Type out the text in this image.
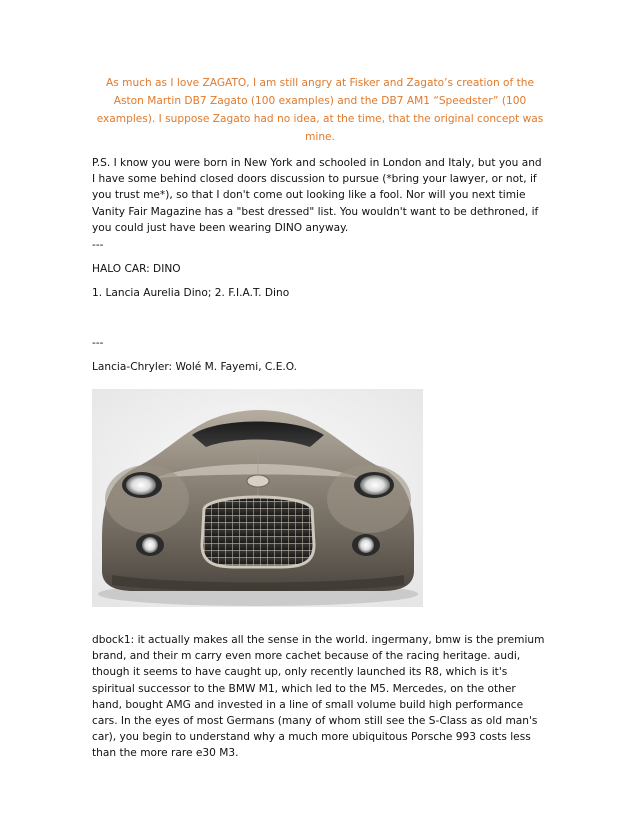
As much as I love ZAGATO, I am still angry at Fisker and Zagato’s creation of the Aston Martin DB7 Zagato (100 examples) and the DB7 AM1 “Speedster” (100 examples). I suppose Zagato had no idea, at the time, that the original concept was mine.

P.S. I know you were born in New York and schooled in London and Italy, but you and I have some behind closed doors discussion to pursue (*bring your lawyer, or not, if you trust me*), so that I don't come out looking like a fool. Nor will you next timie Vanity Fair Magazine has a "best dressed" list. You wouldn't want to be dethroned, if you could just have been wearing DINO anyway.

---

HALO CAR: DINO

1. Lancia Aurelia Dino; 2. F.I.A.T. Dino

---

Lancia-Chryler: Wolé M. Fayemi, C.E.O.

dbock1: it actually makes all the sense in the world. ingermany, bmw is the premium brand, and their m carry even more cachet because of the racing heritage. audi, though it seems to have caught up, only recently launched its R8, which is it's spiritual successor to the BMW M1, which led to the M5. Mercedes, on the other hand, bought AMG and invested in a line of small volume build high performance cars. In the eyes of most Germans (many of whom still see the S-Class as old man's car), you begin to understand why a much more ubiquitous Porsche 993 costs less than the more rare e30 M3.
